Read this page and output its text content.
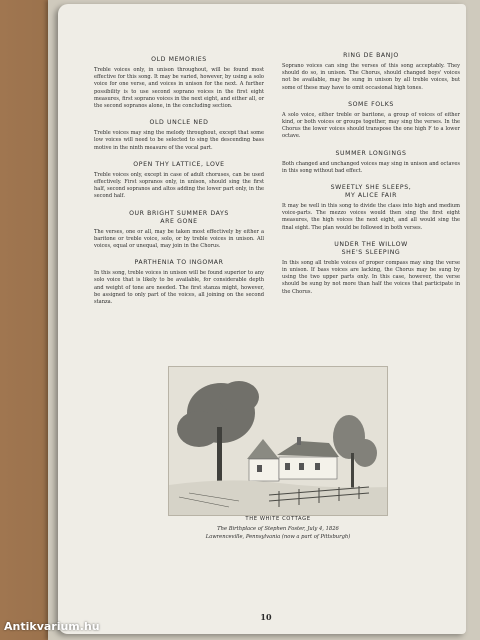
OLD MEMORIES

Treble voices only, in unison throughout, will be found most effective for this song. It may be varied, however, by using a solo voice for one verse, and voices in unison for the next. A further possibility is to use second soprano voices in the first eight measures, first soprano voices in the next eight, and either all, or the second sopranos alone, in the concluding section.

OLD UNCLE NED

Treble voices may sing the melody throughout, except that some low voices will need to be selected to sing the descending bass motive in the ninth measure of the vocal part.

OPEN THY LATTICE, LOVE

Treble voices only, except in case of adult choruses, can be used effectively. First sopranos only, in unison, should sing the first half, second sopranos and altos adding the lower part only, in the second half.

OUR BRIGHT SUMMER DAYS
ARE GONE

The verses, one or all, may be taken most effectively by either a baritone or treble voice, solo, or by treble voices in unison. All voices, equal or unequal, may join in the Chorus.

PARTHENIA TO INGOMAR

In this song, treble voices in unison will be found superior to any solo voice that is likely to be available, for considerable depth and weight of tone are needed. The first stanza might, however, be assigned to only part of the voices, all joining on the second stanza.

RING DE BANJO

Soprano voices can sing the verses of this song acceptably. They should do so, in unison. The Chorus, should changed boys' voices not be available, may be sung in unison by all treble voices, but some of these may have to omit occasional high tones.

SOME FOLKS

A solo voice, either treble or baritone, a group of voices of either kind, or both voices or groups together, may sing the verses. In the Chorus the lower voices should transpose the one high F to a lower octave.

SUMMER LONGINGS

Both changed and unchanged voices may sing in unison and octaves in this song without bad effect.

SWEETLY SHE SLEEPS,
MY ALICE FAIR

It may be well in this song to divide the class into high and medium voice-parts. The mezzo voices would then sing the first eight measures, the high voices the next eight, and all would sing the final eight. The plan would be followed in both verses.

UNDER THE WILLOW
SHE'S SLEEPING

In this song all treble voices of proper compass may sing the verse in unison. If bass voices are lacking, the Chorus may be sung by using the two upper parts only. In this case, however, the verse should be sung by not more than half the voices that participate in the Chorus.

THE WHITE COTTAGE
The Birthplace of Stephen Foster, July 4, 1826
Lawrenceville, Pennsylvania (now a part of Pittsburgh)
10
Antikvarium.hu
